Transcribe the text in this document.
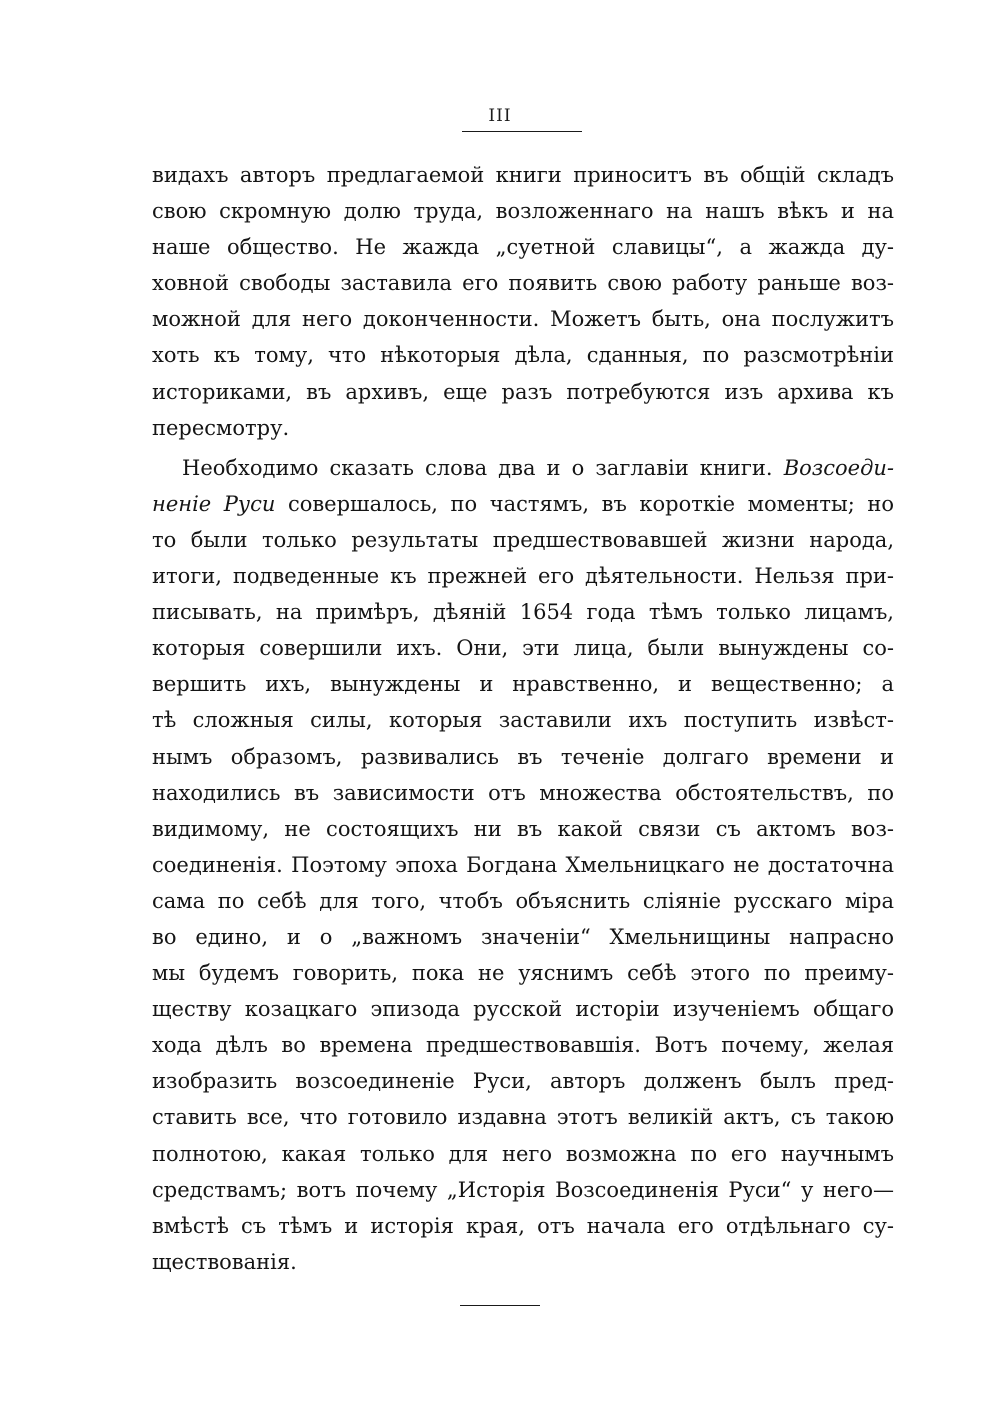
III
видахъ авторъ предлагаемой книги приноситъ въ общій складъ
свою скромную долю труда, возложеннаго на нашъ вѣкъ и на
наше общество. Не жажда „суетной славицы“, а жажда ду-
ховной свободы заставила его появить свою работу раньше воз-
можной для него доконченности. Можетъ быть, она послужитъ
хоть къ тому, что нѣкоторыя дѣла, сданныя, по разсмотрѣніи
историками, въ архивъ, еще разъ потребуются изъ архива къ
пересмотру.
Необходимо сказать слова два и о заглавіи книги. Возсоеди-
неніе Руси совершалось, по частямъ, въ короткіе моменты; но
то были только результаты предшествовавшей жизни народа,
итоги, подведенные къ прежней его дѣятельности. Нельзя при-
писывать, на примѣръ, дѣяній 1654 года тѣмъ только лицамъ,
которыя совершили ихъ. Они, эти лица, были вынуждены со-
вершить ихъ, вынуждены и нравственно, и вещественно; а
тѣ сложныя силы, которыя заставили ихъ поступить извѣст-
нымъ образомъ, развивались въ теченіе долгаго времени и
находились въ зависимости отъ множества обстоятельствъ, по
видимому, не состоящихъ ни въ какой связи съ актомъ воз-
соединенія. Поэтому эпоха Богдана Хмельницкаго не достаточна
сама по себѣ для того, чтобъ объяснить сліяніе русскаго міра
во едино, и о „важномъ значеніи“ Хмельнищины напрасно
мы будемъ говорить, пока не уяснимъ себѣ этого по преиму-
ществу козацкаго эпизода русской исторіи изученіемъ общаго
хода дѣлъ во времена предшествовавшія. Вотъ почему, желая
изобразить возсоединеніе Руси, авторъ долженъ былъ пред-
ставить все, что готовило издавна этотъ великій актъ, съ такою
полнотою, какая только для него возможна по его научнымъ
средствамъ; вотъ почему „Исторія Возсоединенія Руси“ у него—
вмѣстѣ съ тѣмъ и исторія края, отъ начала его отдѣльнаго су-
ществованія.
